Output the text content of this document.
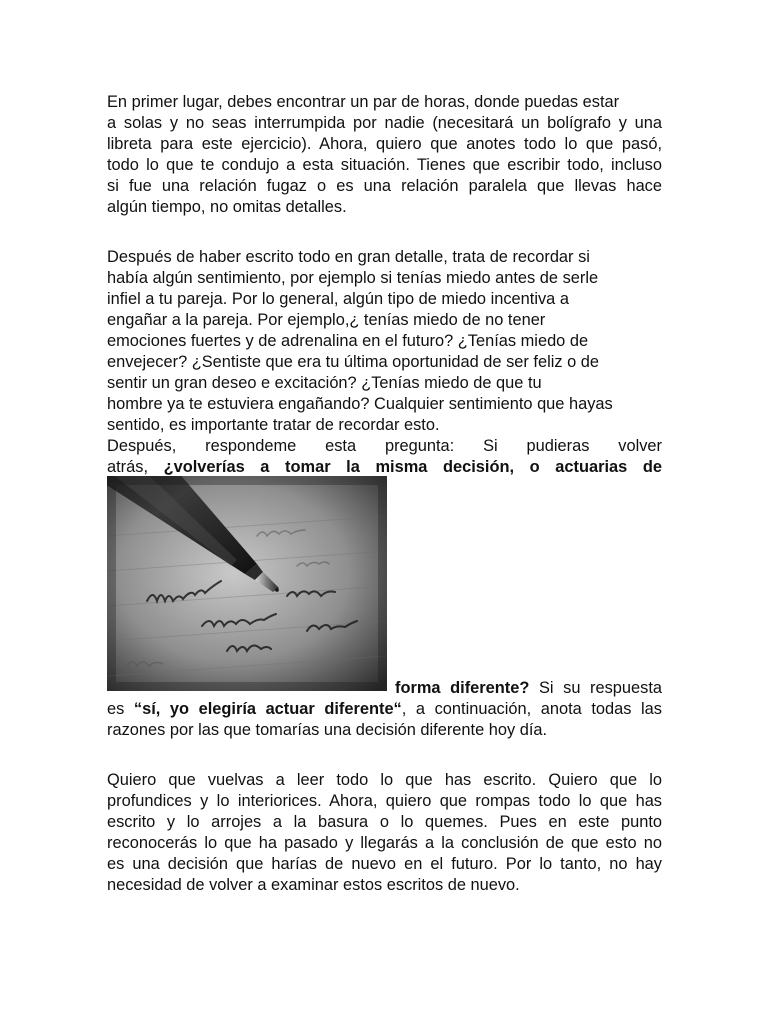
En primer lugar, debes encontrar un par de horas, donde puedas estar
a solas y no seas interrumpida por nadie (necesitará un bolígrafo y una
libreta para este ejercicio). Ahora, quiero que anotes todo lo que pasó,
todo lo que te condujo a esta situación. Tienes que escribir todo, incluso
si fue una relación fugaz o es una relación paralela que llevas hace
algún tiempo, no omitas detalles.
Después de haber escrito todo en gran detalle, trata de recordar si
había algún sentimiento, por ejemplo si tenías miedo antes de serle
infiel a tu pareja. Por lo general, algún tipo de miedo incentiva a
engañar a la pareja. Por ejemplo,¿ tenías miedo de no tener
emociones fuertes y de adrenalina en el futuro? ¿Tenías miedo de
envejecer? ¿Sentiste que era tu última oportunidad de ser feliz o de
sentir un gran deseo e excitación? ¿Tenías miedo de que tu
hombre ya te estuviera engañando? Cualquier sentimiento que hayas
sentido, es importante tratar de recordar esto.
Después, respondeme esta pregunta: Si pudieras volver
atrás, ¿volverías a tomar la misma decisión, o actuarias de
forma diferente? Si su respuesta
es “sí, yo elegiría actuar diferente“, a continuación, anota todas las
razones por las que tomarías una decisión diferente hoy día.
Quiero que vuelvas a leer todo lo que has escrito. Quiero que lo
profundices y lo interiorices. Ahora, quiero que rompas todo lo que has
escrito y lo arrojes a la basura o lo quemes. Pues en este punto
reconocerás lo que ha pasado y llegarás a la conclusión de que esto no
es una decisión que harías de nuevo en el futuro. Por lo tanto, no hay
necesidad de volver a examinar estos escritos de nuevo.
